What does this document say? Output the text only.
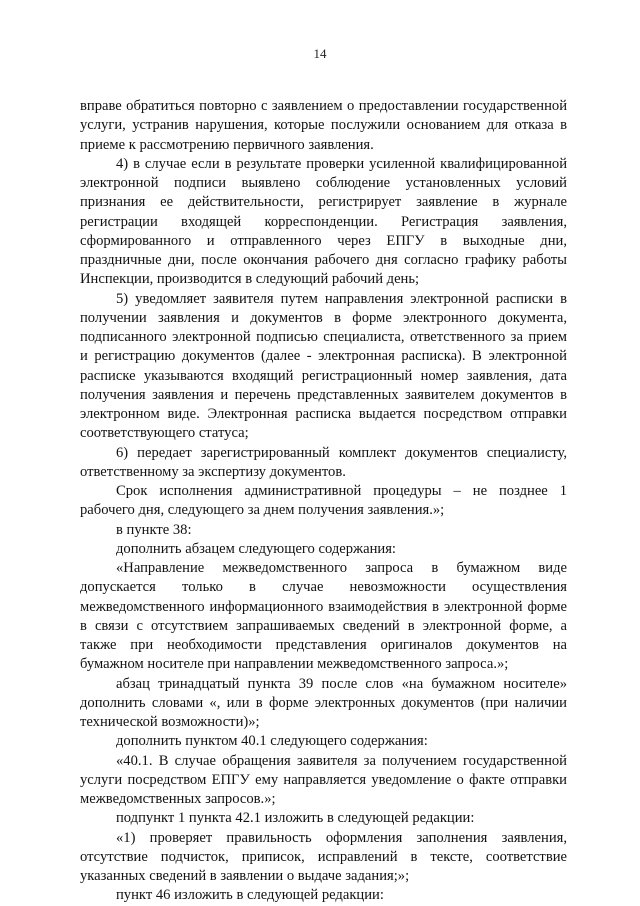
14

вправе обратиться повторно с заявлением о предоставлении государственной услуги, устранив нарушения, которые послужили основанием для отказа в приеме к рассмотрению первичного заявления.

4) в случае если в результате проверки усиленной квалифицированной электронной подписи выявлено соблюдение установленных условий признания ее действительности, регистрирует заявление в журнале регистрации входящей корреспонденции. Регистрация заявления, сформированного и отправленного через ЕПГУ в выходные дни, праздничные дни, после окончания рабочего дня согласно графику работы Инспекции, производится в следующий рабочий день;

5) уведомляет заявителя путем направления электронной расписки в получении заявления и документов в форме электронного документа, подписанного электронной подписью специалиста, ответственного за прием и регистрацию документов (далее - электронная расписка). В электронной расписке указываются входящий регистрационный номер заявления, дата получения заявления и перечень представленных заявителем документов в электронном виде. Электронная расписка выдается посредством отправки соответствующего статуса;

6) передает зарегистрированный комплект документов специалисту, ответственному за экспертизу документов.

Срок исполнения административной процедуры – не позднее 1 рабочего дня, следующего за днем получения заявления.»;

в пункте 38:

дополнить абзацем следующего содержания:

«Направление межведомственного запроса в бумажном виде допускается только в случае невозможности осуществления межведомственного информационного взаимодействия в электронной форме в связи с отсутствием запрашиваемых сведений в электронной форме, а также при необходимости представления оригиналов документов на бумажном носителе при направлении межведомственного запроса.»;

абзац тринадцатый пункта 39 после слов «на бумажном носителе» дополнить словами «, или в форме электронных документов (при наличии технической возможности)»;

дополнить пунктом 40.1 следующего содержания:

«40.1. В случае обращения заявителя за получением государственной услуги посредством ЕПГУ ему направляется уведомление о факте отправки межведомственных запросов.»;

подпункт 1 пункта 42.1 изложить в следующей редакции:

«1) проверяет правильность оформления заполнения заявления, отсутствие подчисток, приписок, исправлений в тексте, соответствие указанных сведений в заявлении о выдаче задания;»;

пункт 46 изложить в следующей редакции:
